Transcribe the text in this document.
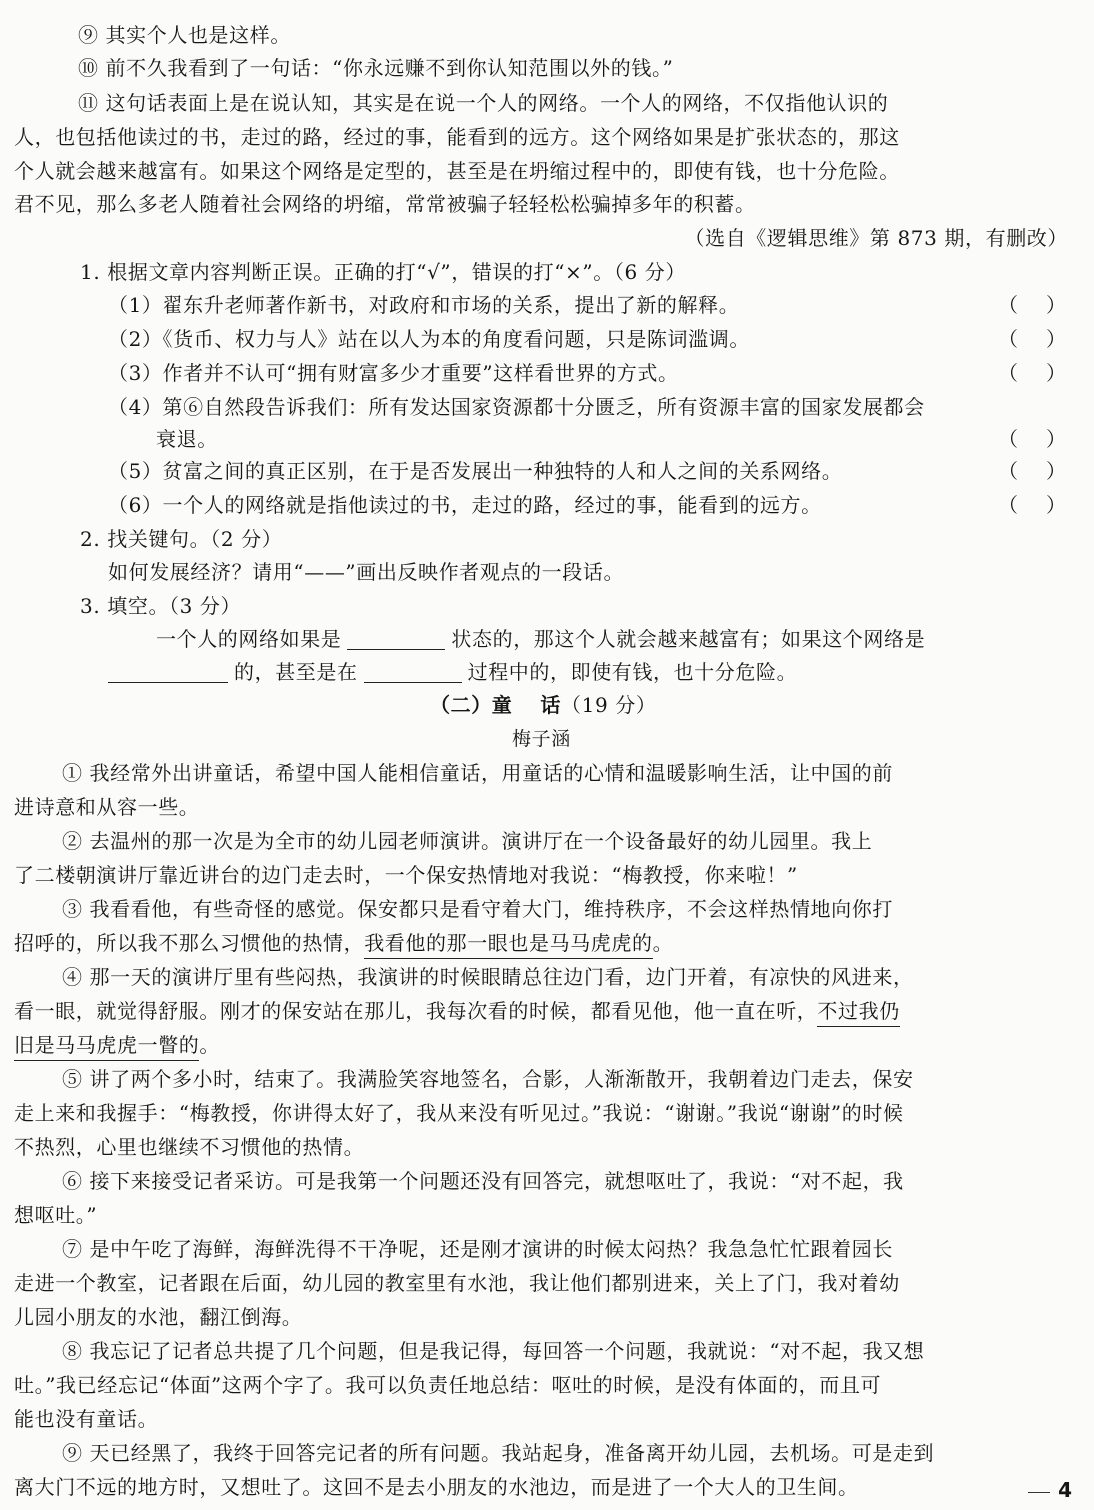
⑨ 其实个人也是这样。
⑩ 前不久我看到了一句话：“你永远赚不到你认知范围以外的钱。”
⑪ 这句话表面上是在说认知，其实是在说一个人的网络。一个人的网络，不仅指他认识的
人，也包括他读过的书，走过的路，经过的事，能看到的远方。这个网络如果是扩张状态的，那这
个人就会越来越富有。如果这个网络是定型的，甚至是在坍缩过程中的，即使有钱，也十分危险。
君不见，那么多老人随着社会网络的坍缩，常常被骗子轻轻松松骗掉多年的积蓄。
（选自《逻辑思维》第 873 期，有删改）
1. 根据文章内容判断正误。正确的打“√”，错误的打“×”。（6 分）
（1）翟东升老师著作新书，对政府和市场的关系，提出了新的解释。	（）
（2）《货币、权力与人》站在以人为本的角度看问题，只是陈词滥调。	（）
（3）作者并不认可“拥有财富多少才重要”这样看世界的方式。	（）
（4）第⑥自然段告诉我们：所有发达国家资源都十分匮乏，所有资源丰富的国家发展都会
衰退。	（）
（5）贫富之间的真正区别，在于是否发展出一种独特的人和人之间的关系网络。	（）
（6）一个人的网络就是指他读过的书，走过的路，经过的事，能看到的远方。	（）
2. 找关键句。（2 分）
如何发展经济？请用“——”画出反映作者观点的一段话。
3. 填空。（3 分）
一个人的网络如果是	状态的，那这个人就会越来越富有；如果这个网络是
的，甚至是在	过程中的，即使有钱，也十分危险。
（二）童 话（19 分）
梅子涵
① 我经常外出讲童话，希望中国人能相信童话，用童话的心情和温暖影响生活，让中国的前
进诗意和从容一些。
② 去温州的那一次是为全市的幼儿园老师演讲。演讲厅在一个设备最好的幼儿园里。我上
了二楼朝演讲厅靠近讲台的边门走去时，一个保安热情地对我说：“梅教授，你来啦！”
③ 我看看他，有些奇怪的感觉。保安都只是看守着大门，维持秩序，不会这样热情地向你打
招呼的，所以我不那么习惯他的热情，我看他的那一眼也是马马虎虎的。
④ 那一天的演讲厅里有些闷热，我演讲的时候眼睛总往边门看，边门开着，有凉快的风进来，
看一眼，就觉得舒服。刚才的保安站在那儿，我每次看的时候，都看见他，他一直在听，不过我仍
旧是马马虎虎一瞥的。
⑤ 讲了两个多小时，结束了。我满脸笑容地签名，合影，人渐渐散开，我朝着边门走去，保安
走上来和我握手：“梅教授，你讲得太好了，我从来没有听见过。”我说：“谢谢。”我说“谢谢”的时候
不热烈，心里也继续不习惯他的热情。
⑥ 接下来接受记者采访。可是我第一个问题还没有回答完，就想呕吐了，我说：“对不起，我
想呕吐。”
⑦ 是中午吃了海鲜，海鲜洗得不干净呢，还是刚才演讲的时候太闷热？我急急忙忙跟着园长
走进一个教室，记者跟在后面，幼儿园的教室里有水池，我让他们都别进来，关上了门，我对着幼
儿园小朋友的水池，翻江倒海。
⑧ 我忘记了记者总共提了几个问题，但是我记得，每回答一个问题，我就说：“对不起，我又想
吐。”我已经忘记“体面”这两个字了。我可以负责任地总结：呕吐的时候，是没有体面的，而且可
能也没有童话。
⑨ 天已经黑了，我终于回答完记者的所有问题。我站起身，准备离开幼儿园，去机场。可是走到
离大门不远的地方时，又想吐了。这回不是去小朋友的水池边，而是进了一个大人的卫生间。	4
